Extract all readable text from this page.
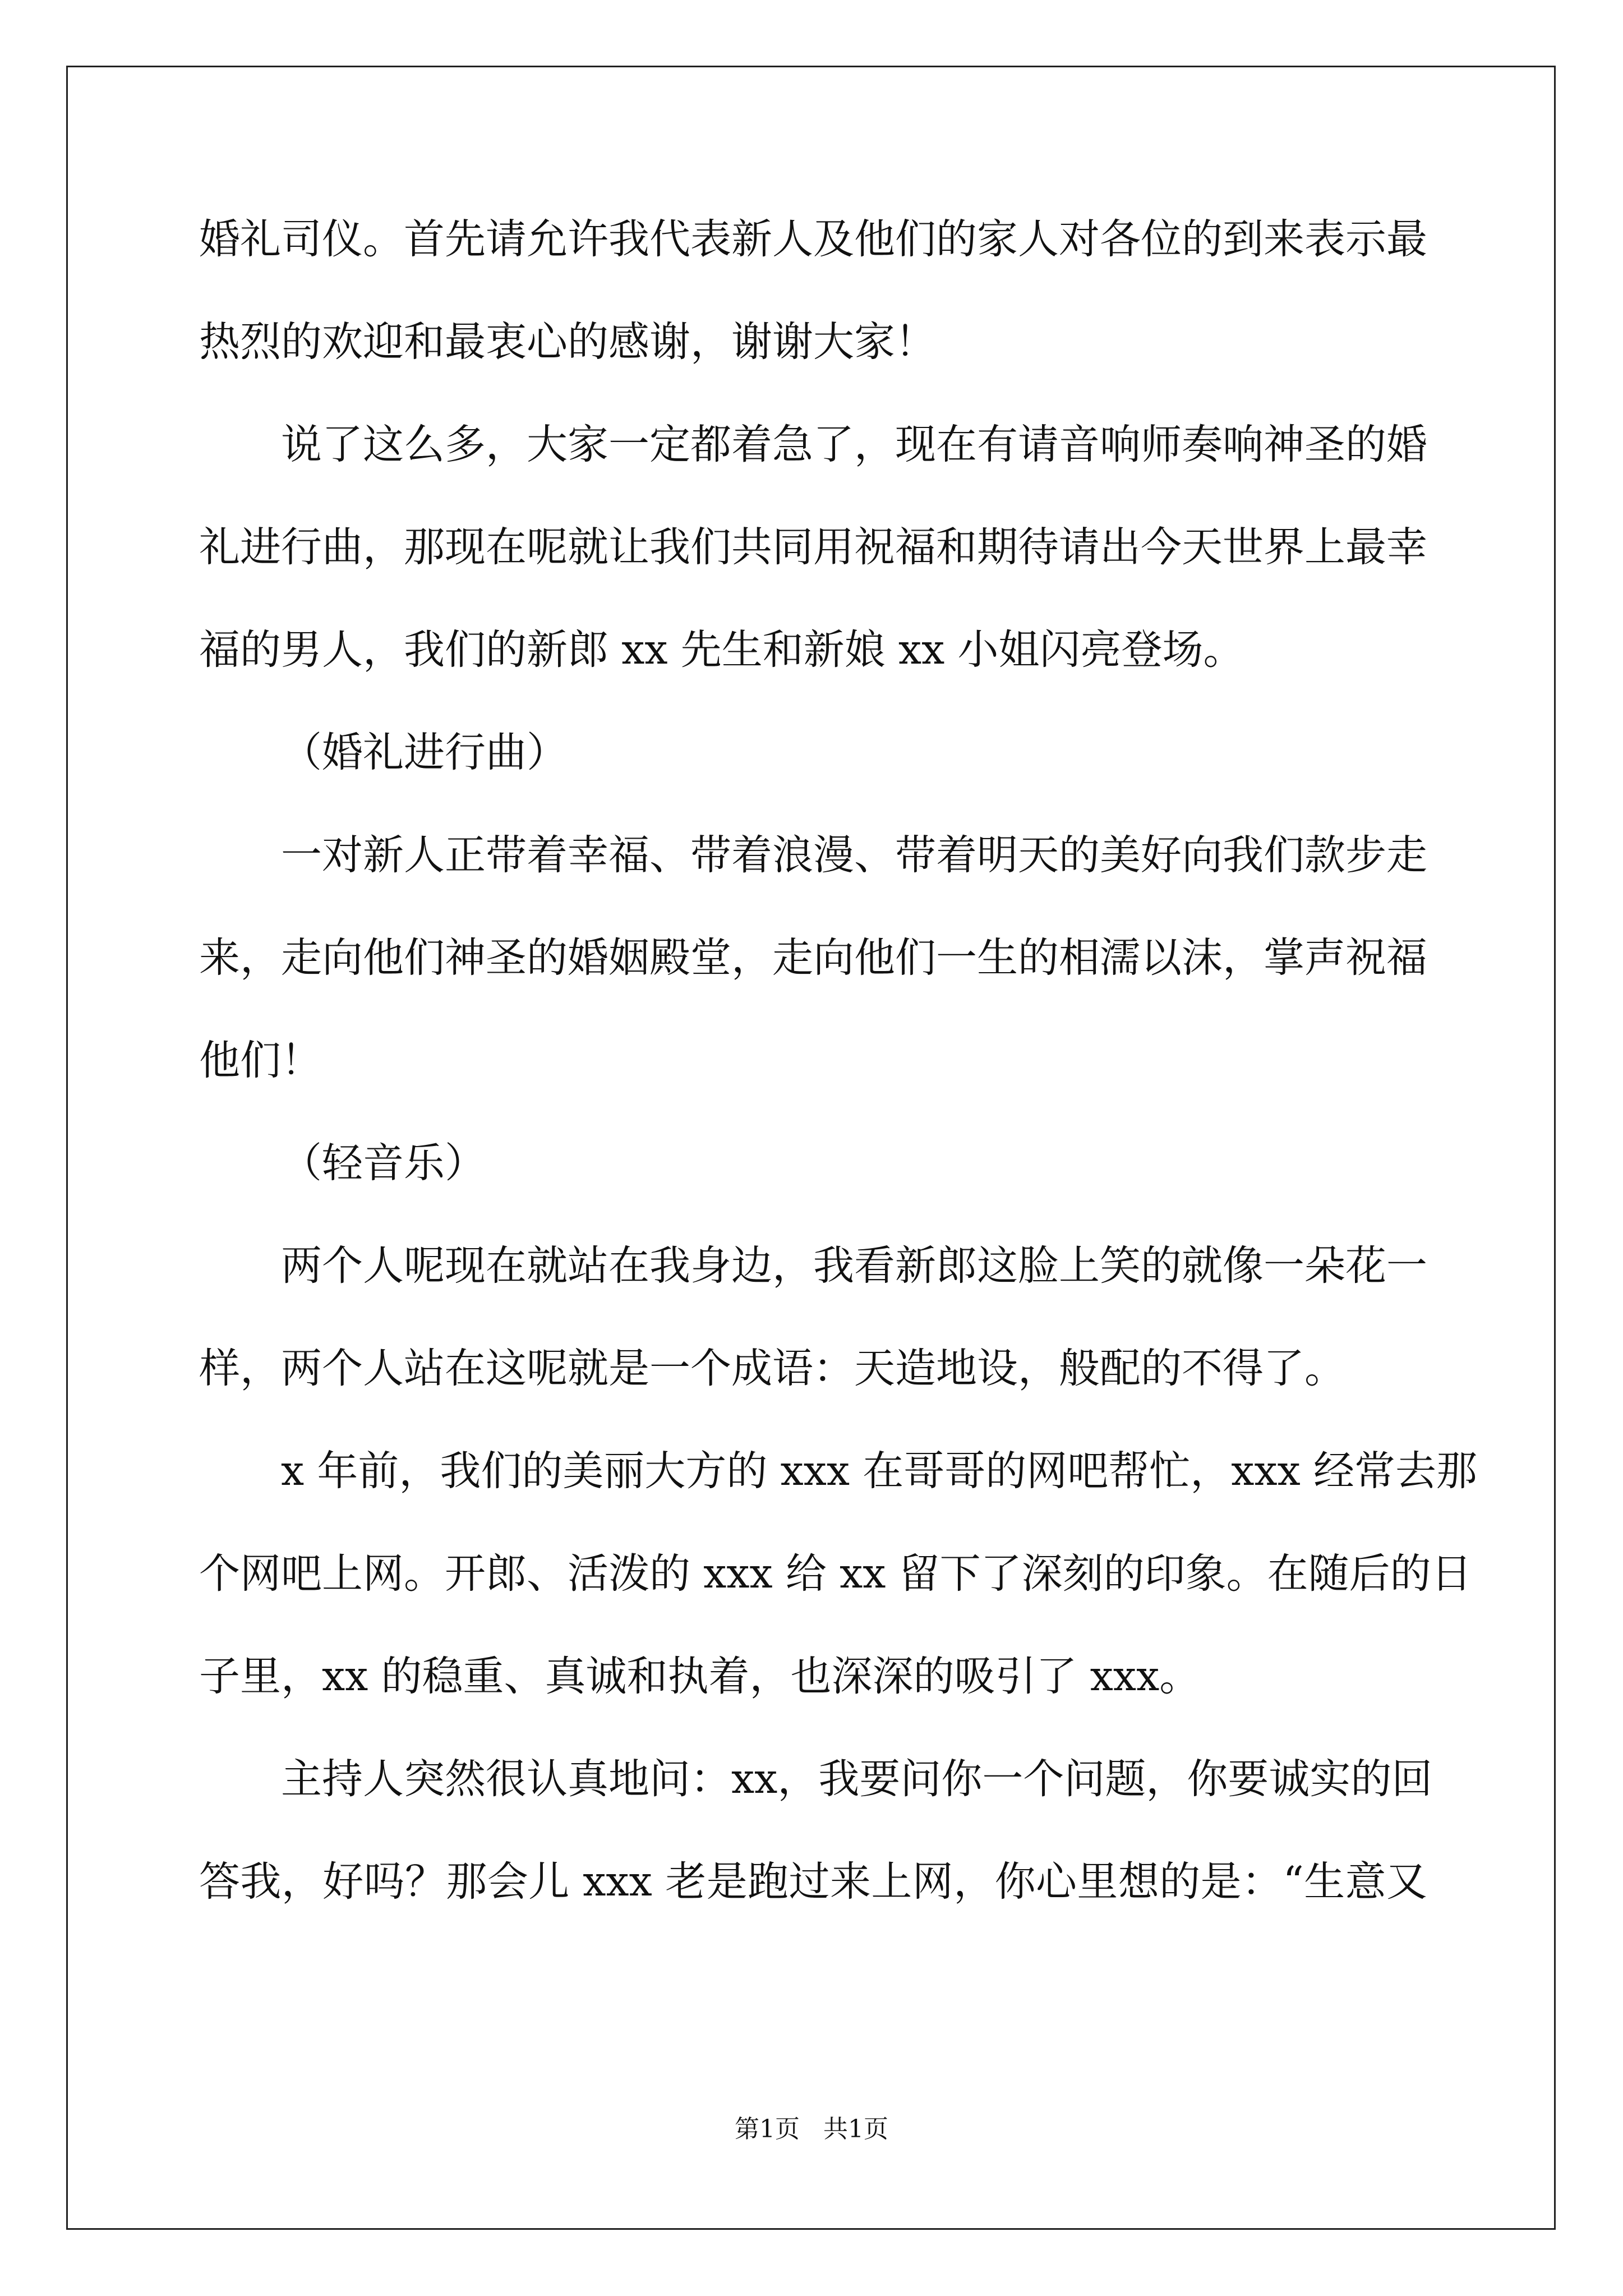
婚礼司仪。首先请允许我代表新人及他们的家人对各位的到来表示最
热烈的欢迎和最衷心的感谢，谢谢大家！
说了这么多，大家一定都着急了，现在有请音响师奏响神圣的婚
礼进行曲，那现在呢就让我们共同用祝福和期待请出今天世界上最幸
福的男人，我们的新郎 xx 先生和新娘 xx 小姐闪亮登场。
（婚礼进行曲）
一对新人正带着幸福、带着浪漫、带着明天的美好向我们款步走
来，走向他们神圣的婚姻殿堂，走向他们一生的相濡以沫，掌声祝福
他们！
（轻音乐）
两个人呢现在就站在我身边，我看新郎这脸上笑的就像一朵花一
样，两个人站在这呢就是一个成语：天造地设，般配的不得了。
x 年前，我们的美丽大方的 xxx 在哥哥的网吧帮忙，xxx 经常去那
个网吧上网。开郎、活泼的 xxx 给 xx 留下了深刻的印象。在随后的日
子里，xx 的稳重、真诚和执着，也深深的吸引了 xxx。
主持人突然很认真地问：xx，我要问你一个问题，你要诚实的回
答我，好吗？那会儿 xxx 老是跑过来上网，你心里想的是：“生意又
第1页   共1页
